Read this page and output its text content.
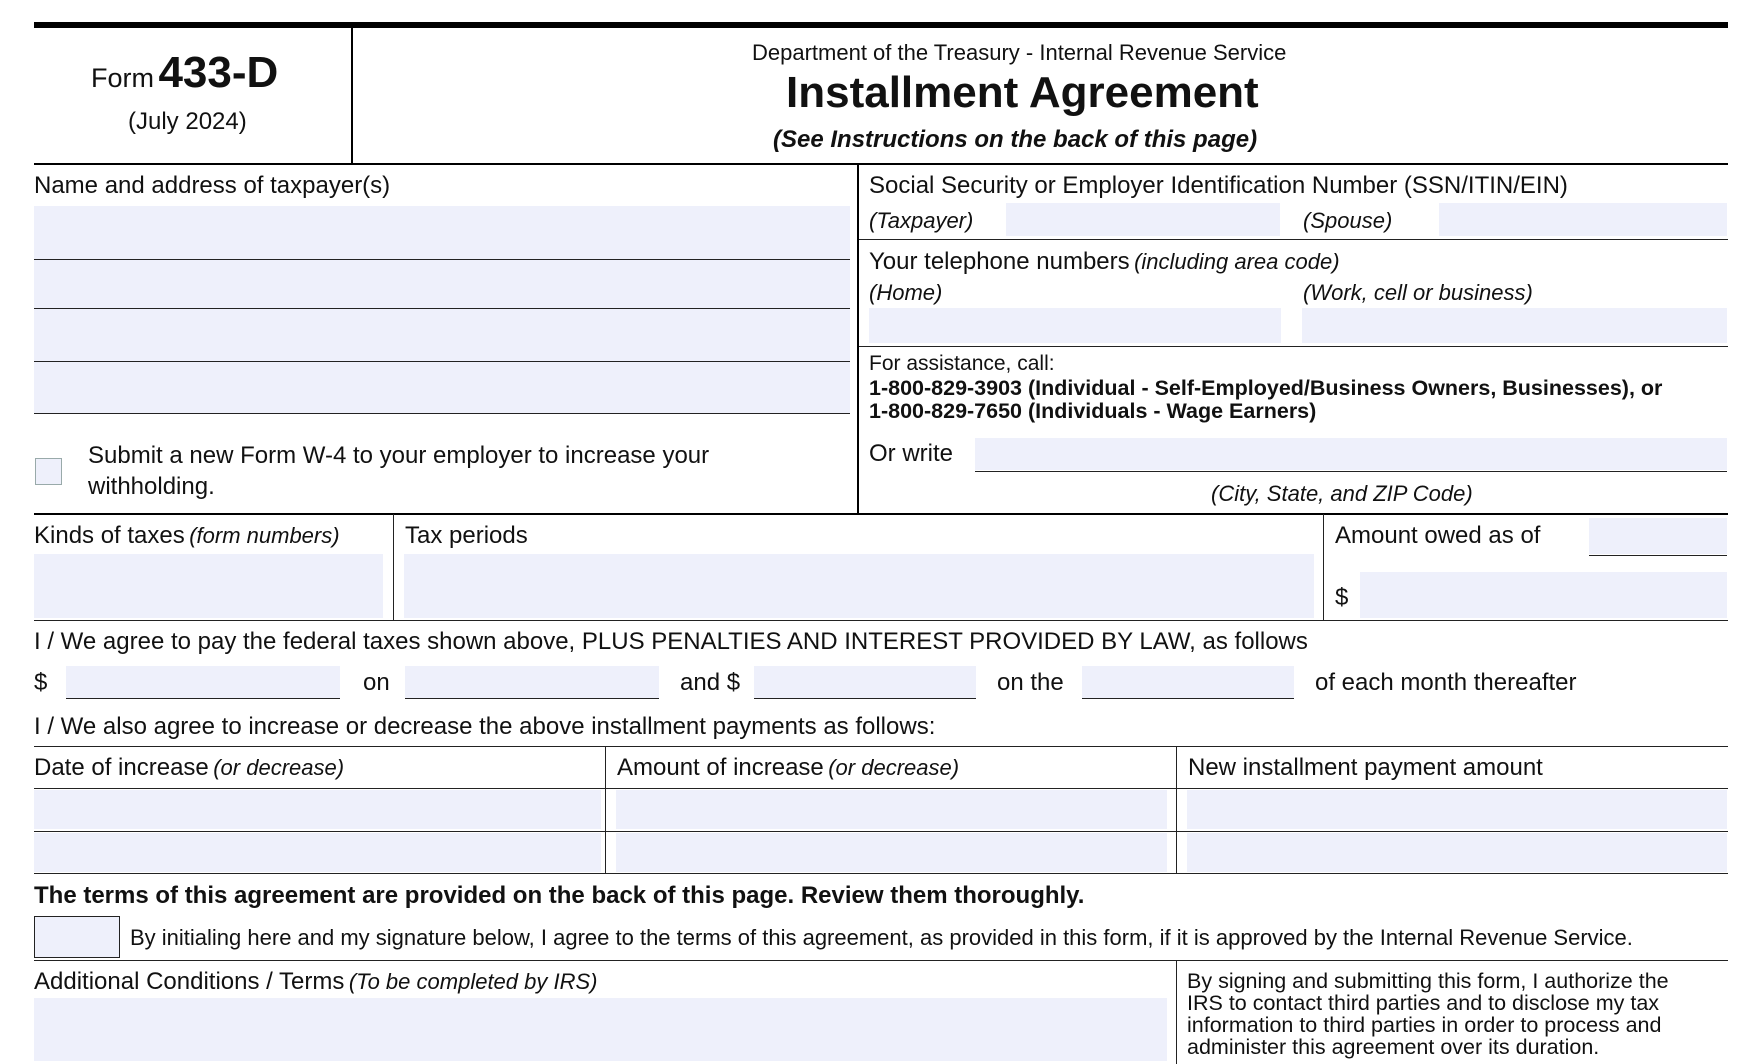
Form 433-D
(July 2024)
Department of the Treasury - Internal Revenue Service
Installment Agreement
(See Instructions on the back of this page)
Name and address of taxpayer(s)
Submit a new Form W-4 to your employer to increase your
withholding.
Social Security or Employer Identification Number (SSN/ITIN/EIN)
(Taxpayer)	(Spouse)
Your telephone numbers (including area code)
(Home)	(Work, cell or business)
For assistance, call:
1-800-829-3903 (Individual - Self-Employed/Business Owners, Businesses), or
1-800-829-7650 (Individuals - Wage Earners)
Or write
(City, State, and ZIP Code)
Kinds of taxes (form numbers)	Tax periods	Amount owed as of
$
I / We agree to pay the federal taxes shown above, PLUS PENALTIES AND INTEREST PROVIDED BY LAW, as follows
$	on	and $	on the	of each month thereafter
I / We also agree to increase or decrease the above installment payments as follows:
Date of increase (or decrease)	Amount of increase (or decrease)	New installment payment amount
The terms of this agreement are provided on the back of this page. Review them thoroughly.
By initialing here and my signature below, I agree to the terms of this agreement, as provided in this form, if it is approved by the Internal Revenue Service.
Additional Conditions / Terms (To be completed by IRS)	By signing and submitting this form, I authorize the
IRS to contact third parties and to disclose my tax
information to third parties in order to process and
administer this agreement over its duration.
